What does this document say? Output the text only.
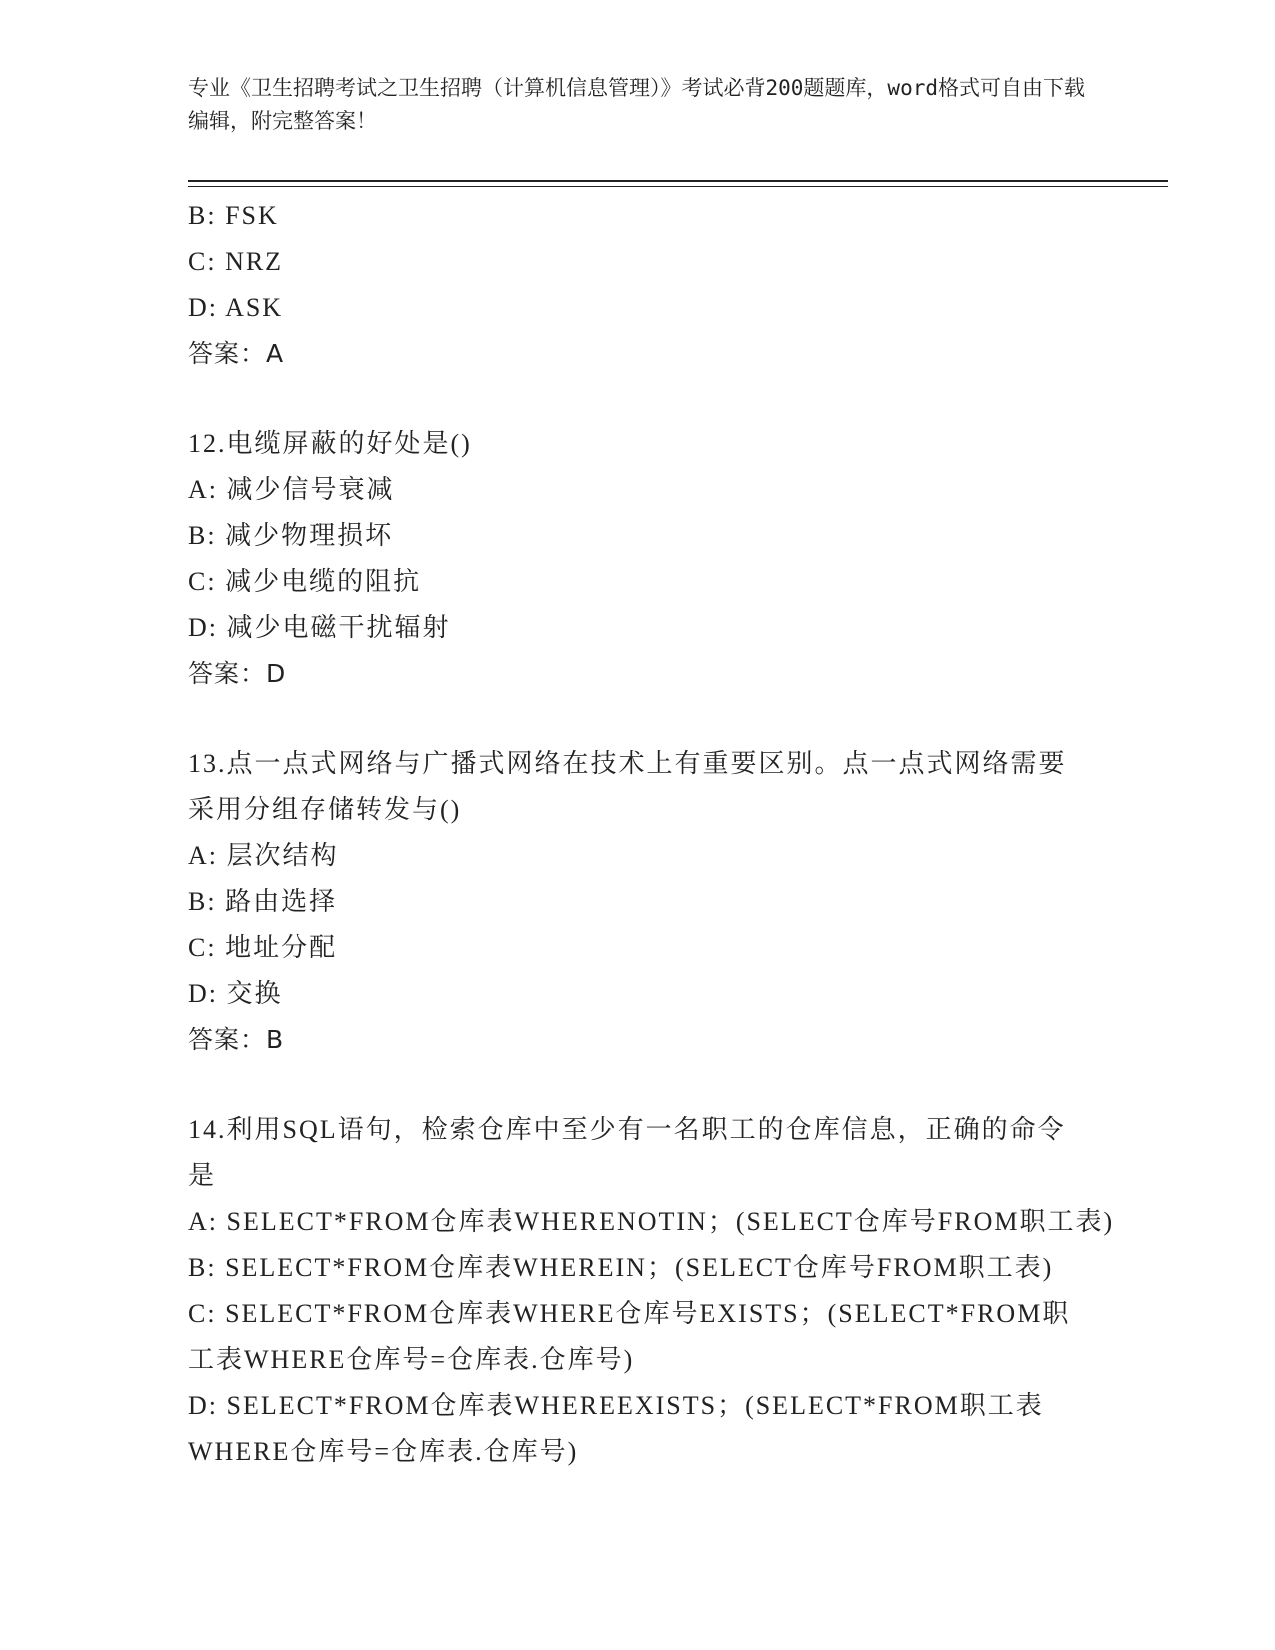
专业《卫生招聘考试之卫生招聘（计算机信息管理）》考试必背200题题库，word格式可自由下载编辑，附完整答案！
B: FSK
C: NRZ
D: ASK
答案：A
12.电缆屏蔽的好处是()
A: 减少信号衰减
B: 减少物理损坏
C: 减少电缆的阻抗
D: 减少电磁干扰辐射
答案：D
13.点一点式网络与广播式网络在技术上有重要区别。点一点式网络需要采用分组存储转发与()
A: 层次结构
B: 路由选择
C: 地址分配
D: 交换
答案：B
14.利用SQL语句，检索仓库中至少有一名职工的仓库信息，正确的命令是
A: SELECT*FROM仓库表WHERENOTIN；(SELECT仓库号FROM职工表)
B: SELECT*FROM仓库表WHEREIN；(SELECT仓库号FROM职工表)
C: SELECT*FROM仓库表WHERE仓库号EXISTS；(SELECT*FROM职工表WHERE仓库号=仓库表.仓库号)
D: SELECT*FROM仓库表WHEREEXISTS；(SELECT*FROM职工表WHERE仓库号=仓库表.仓库号)
